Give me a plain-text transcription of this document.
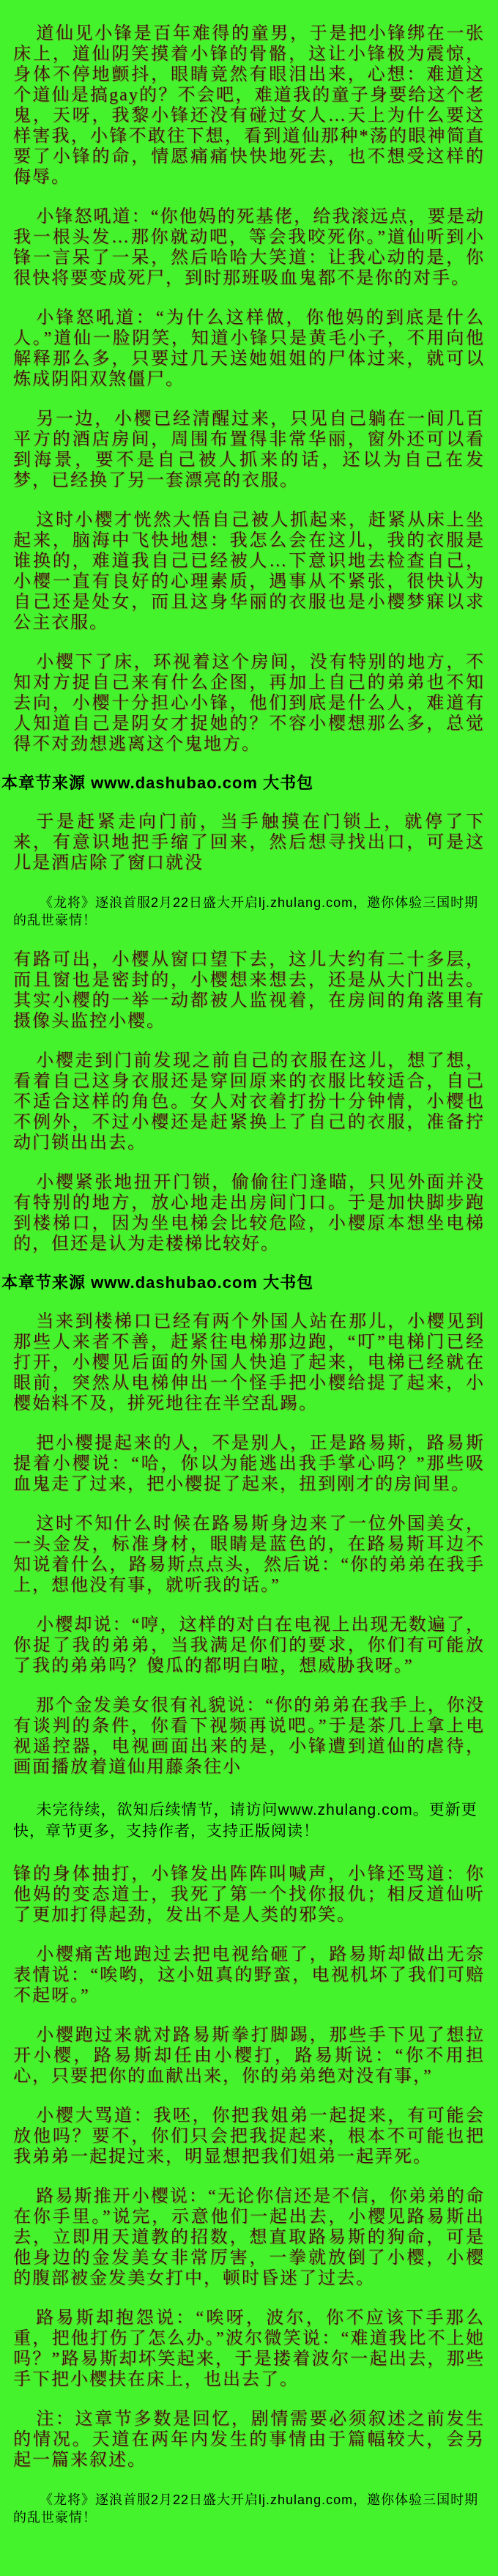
道仙见小锋是百年难得的童男，于是把小锋绑在一张床上，道仙阴笑摸着小锋的骨骼，这让小锋极为震惊，身体不停地颤抖，眼睛竟然有眼泪出来，心想：难道这个道仙是搞gay的？不会吧，难道我的童子身要给这个老鬼，天呀，我黎小锋还没有碰过女人…天上为什么要这样害我，小锋不敢往下想，看到道仙那种*荡的眼神简直要了小锋的命，情愿痛痛快快地死去，也不想受这样的侮辱。

小锋怒吼道：“你他妈的死基佬，给我滚远点，要是动我一根头发…那你就动吧，等会我咬死你。”道仙听到小锋一言呆了一呆，然后哈哈大笑道：让我心动的是，你很快将要变成死尸，到时那班吸血鬼都不是你的对手。

小锋怒吼道：“为什么这样做，你他妈的到底是什么人。”道仙一脸阴笑，知道小锋只是黄毛小子，不用向他解释那么多，只要过几天送她姐姐的尸体过来，就可以炼成阴阳双煞僵尸。

另一边，小樱已经清醒过来，只见自己躺在一间几百平方的酒店房间，周围布置得非常华丽，窗外还可以看到海景，要不是自己被人抓来的话，还以为自己在发梦，已经换了另一套漂亮的衣服。

这时小樱才恍然大悟自己被人抓起来，赶紧从床上坐起来，脑海中飞快地想：我怎么会在这儿，我的衣服是谁换的，难道我自己已经被人…下意识地去检查自己，小樱一直有良好的心理素质，遇事从不紧张，很快认为自己还是处女，而且这身华丽的衣服也是小樱梦寐以求公主衣服。

小樱下了床，环视着这个房间，没有特别的地方，不知对方捉自己来有什么企图，再加上自己的弟弟也不知去向，小樱十分担心小锋，他们到底是什么人，难道有人知道自己是阴女才捉她的？不容小樱想那么多，总觉得不对劲想逃离这个鬼地方。

本章节来源 www.dashubao.com 大书包

于是赶紧走向门前，当手触摸在门锁上，就停了下来，有意识地把手缩了回来，然后想寻找出口，可是这儿是酒店除了窗口就没

《龙将》逐浪首服2月22日盛大开启lj.zhulang.com，邀你体验三国时期的乱世豪情！

有路可出，小樱从窗口望下去，这儿大约有二十多层，而且窗也是密封的，小樱想来想去，还是从大门出去。其实小樱的一举一动都被人监视着，在房间的角落里有摄像头监控小樱。

小樱走到门前发现之前自己的衣服在这儿，想了想，看着自己这身衣服还是穿回原来的衣服比较适合，自己不适合这样的角色。女人对衣着打扮十分钟情，小樱也不例外，不过小樱还是赶紧换上了自己的衣服，准备拧动门锁出出去。

小樱紧张地扭开门锁，偷偷往门逢瞄，只见外面并没有特别的地方，放心地走出房间门口。于是加快脚步跑到楼梯口，因为坐电梯会比较危险，小樱原本想坐电梯的，但还是认为走楼梯比较好。

本章节来源 www.dashubao.com 大书包

当来到楼梯口已经有两个外国人站在那儿，小樱见到那些人来者不善，赶紧往电梯那边跑，“叮”电梯门已经打开，小樱见后面的外国人快追了起来，电梯已经就在眼前，突然从电梯伸出一个怪手把小樱给提了起来，小樱始料不及，拼死地往在半空乱踢。

把小樱提起来的人，不是别人，正是路易斯，路易斯提着小樱说：“哈，你以为能逃出我手掌心吗？”那些吸血鬼走了过来，把小樱捉了起来，扭到刚才的房间里。

这时不知什么时候在路易斯身边来了一位外国美女，一头金发，标准身材，眼睛是蓝色的，在路易斯耳边不知说着什么，路易斯点点头，然后说：“你的弟弟在我手上，想他没有事，就听我的话。”

小樱却说：“哼，这样的对白在电视上出现无数遍了，你捉了我的弟弟，当我满足你们的要求，你们有可能放了我的弟弟吗？傻瓜的都明白啦，想威胁我呀。”

那个金发美女很有礼貌说：“你的弟弟在我手上，你没有谈判的条件，你看下视频再说吧。”于是茶几上拿上电视遥控器，电视画面出来的是，小锋遭到道仙的虐待，画面播放着道仙用藤条往小

未完待续，欲知后续情节，请访问www.zhulang.com。更新更快，章节更多，支持作者，支持正版阅读！

锋的身体抽打，小锋发出阵阵叫喊声，小锋还骂道：你他妈的变态道士，我死了第一个找你报仇；相反道仙听了更加打得起劲，发出不是人类的邪笑。

小樱痛苦地跑过去把电视给砸了，路易斯却做出无奈表情说：“唉哟，这小妞真的野蛮，电视机坏了我们可赔不起呀。”

小樱跑过来就对路易斯拳打脚踢，那些手下见了想拉开小樱，路易斯却任由小樱打，路易斯说：“你不用担心，只要把你的血献出来，你的弟弟绝对没有事，”

小樱大骂道：我呸，你把我姐弟一起捉来，有可能会放他吗？要不，你们只会把我捉起来，根本不可能也把我弟弟一起捉过来，明显想把我们姐弟一起弄死。

路易斯推开小樱说：“无论你信还是不信，你弟弟的命在你手里。”说完，示意他们一起出去，小樱见路易斯出去，立即用天道教的招数，想直取路易斯的狗命，可是他身边的金发美女非常厉害，一拳就放倒了小樱，小樱的腹部被金发美女打中，顿时昏迷了过去。

路易斯却抱怨说：“唉呀，波尔，你不应该下手那么重，把他打伤了怎么办。”波尔微笑说：“难道我比不上她吗？”路易斯却坏笑起来，于是搂着波尔一起出去，那些手下把小樱扶在床上，也出去了。

注：这章节多数是回忆，剧情需要必须叙述之前发生的情况。天道在两年内发生的事情由于篇幅较大，会另起一篇来叙述。

《龙将》逐浪首服2月22日盛大开启lj.zhulang.com，邀你体验三国时期的乱世豪情！
